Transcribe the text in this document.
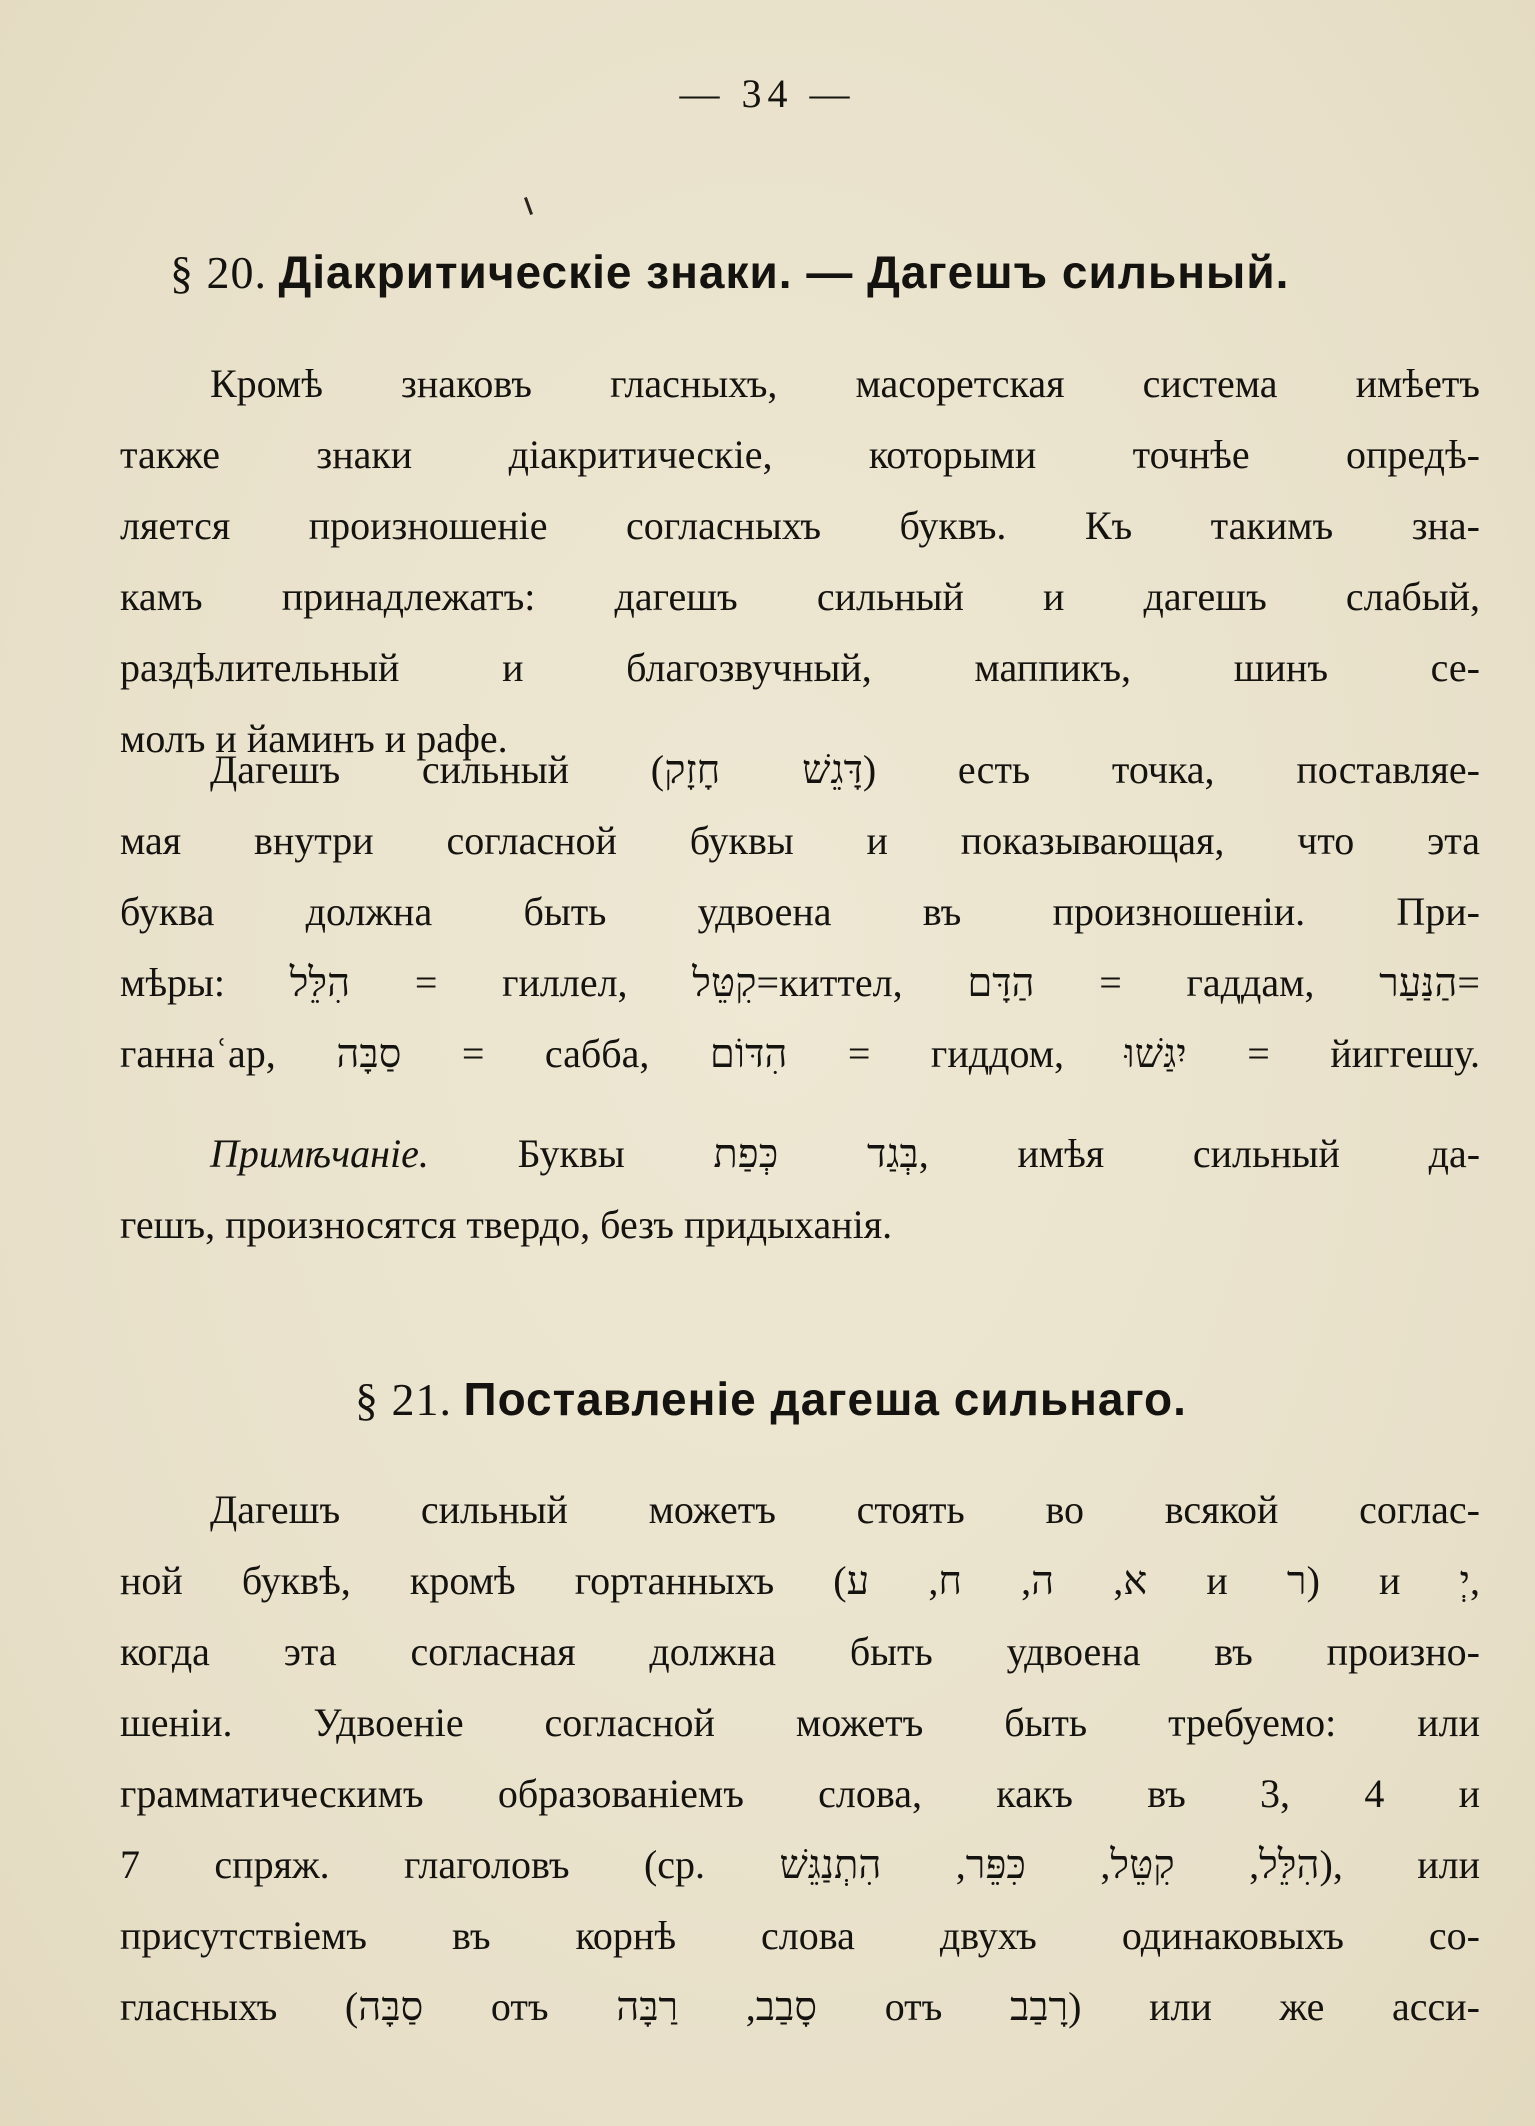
— 34 —
§ 20. Діакритическіе знаки. — Дагешъ сильный.
Кромѣ знаковъ гласныхъ, масоретская система имѣетъ
также знаки діакритическіе, которыми точнѣе опредѣ-
ляется произношеніе согласныхъ буквъ. Къ такимъ зна-
камъ принадлежатъ: дагешъ сильный и дагешъ слабый,
раздѣлительный и благозвучный, маппикъ, шинъ се-
молъ и йаминъ и рафе.
Дагешъ сильный (דָּגֵשׁ חָזָק) есть точка, поставляе-
мая внутри согласной буквы и показывающая, что эта
буква должна быть удвоена въ произношеніи. При-
мѣры: הִלֵּל = гиллел, קִטֵּל=киттел, הַדָּם = гаддам, הַנַּעַר=
ганнаʿар, סַבָּה = сабба, הִדּוֹם = гиддом, יִגַּשׁוּ = йиггешу.
Примѣчаніе. Буквы בְּגַד כְּפַת, имѣя сильный да-
гешъ, произносятся твердо, безъ придыханія.
§ 21. Поставленіе дагеша сильнаго.
Дагешъ сильный можетъ стоять во всякой соглас-
ной буквѣ, кромѣ гортанныхъ (א, ה, ח, ע и ר) и יְ,
когда эта согласная должна быть удвоена въ произно-
шеніи. Удвоеніе согласной можетъ быть требуемо: или
грамматическимъ образованіемъ слова, какъ въ 3, 4 и
7 спряж. глаголовъ (ср. הִלֵּל, קִטֵּל, כִּפֵּר, הִתְנַגֵּשׁ), или
присутствіемъ въ корнѣ слова двухъ одинаковыхъ со-
гласныхъ (סַבָּה отъ סָבַב, רַבָּה отъ רָבַב) или же асси-
